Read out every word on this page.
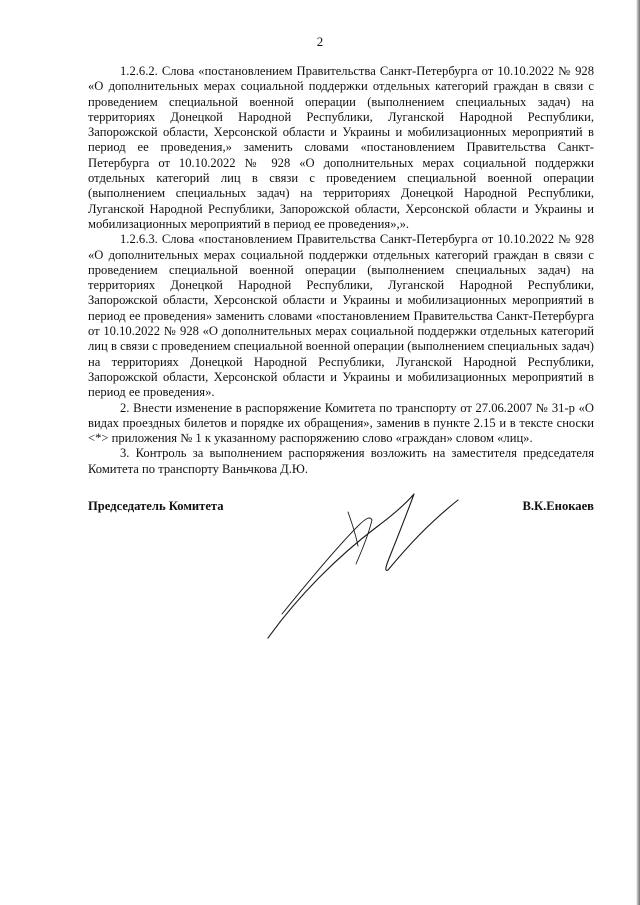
2

1.2.6.2. Слова «постановлением Правительства Санкт-Петербурга от 10.10.2022 № 928 «О дополнительных мерах социальной поддержки отдельных категорий граждан в связи с проведением специальной военной операции (выполнением специальных задач) на территориях Донецкой Народной Республики, Луганской Народной Республики, Запорожской области, Херсонской области и Украины и мобилизационных мероприятий в период ее проведения,» заменить словами «постановлением Правительства Санкт-Петербурга от 10.10.2022 № 928 «О дополнительных мерах социальной поддержки отдельных категорий лиц в связи с проведением специальной военной операции (выполнением специальных задач) на территориях Донецкой Народной Республики, Луганской Народной Республики, Запорожской области, Херсонской области и Украины и мобилизационных мероприятий в период ее проведения»,».

1.2.6.3. Слова «постановлением Правительства Санкт-Петербурга от 10.10.2022 № 928 «О дополнительных мерах социальной поддержки отдельных категорий граждан в связи с проведением специальной военной операции (выполнением специальных задач) на территориях Донецкой Народной Республики, Луганской Народной Республики, Запорожской области, Херсонской области и Украины и мобилизационных мероприятий в период ее проведения» заменить словами «постановлением Правительства Санкт-Петербурга от 10.10.2022 № 928 «О дополнительных мерах социальной поддержки отдельных категорий лиц в связи с проведением специальной военной операции (выполнением специальных задач) на территориях Донецкой Народной Республики, Луганской Народной Республики, Запорожской области, Херсонской области и Украины и мобилизационных мероприятий в период ее проведения».

2. Внести изменение в распоряжение Комитета по транспорту от 27.06.2007 № 31-р «О видах проездных билетов и порядке их обращения», заменив в пункте 2.15 и в тексте сноски <*> приложения № 1 к указанному распоряжению слово «граждан» словом «лиц».

3. Контроль за выполнением распоряжения возложить на заместителя председателя Комитета по транспорту Ваньчкова Д.Ю.

Председатель Комитета	В.К.Енокаев
